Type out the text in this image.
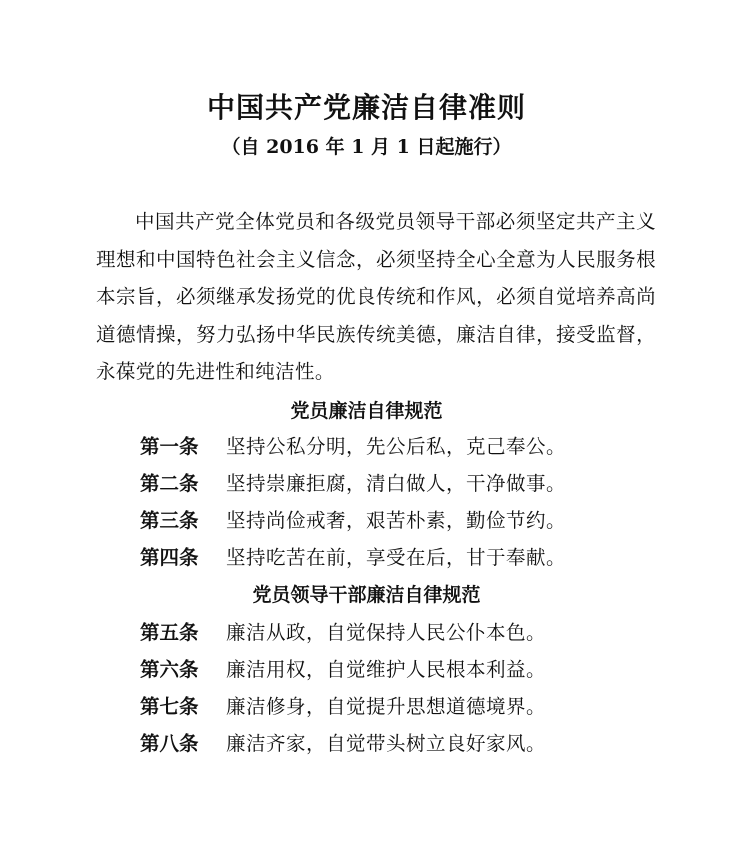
中国共产党廉洁自律准则
（自 2016 年 1 月 1 日起施行）
中国共产党全体党员和各级党员领导干部必须坚定共产主义理想和中国特色社会主义信念，必须坚持全心全意为人民服务根本宗旨，必须继承发扬党的优良传统和作风，必须自觉培养高尚道德情操，努力弘扬中华民族传统美德，廉洁自律，接受监督，永葆党的先进性和纯洁性。
党员廉洁自律规范
第一条 坚持公私分明，先公后私，克己奉公。
第二条 坚持崇廉拒腐，清白做人，干净做事。
第三条 坚持尚俭戒奢，艰苦朴素，勤俭节约。
第四条 坚持吃苦在前，享受在后，甘于奉献。
党员领导干部廉洁自律规范
第五条 廉洁从政，自觉保持人民公仆本色。
第六条 廉洁用权，自觉维护人民根本利益。
第七条 廉洁修身，自觉提升思想道德境界。
第八条 廉洁齐家，自觉带头树立良好家风。
